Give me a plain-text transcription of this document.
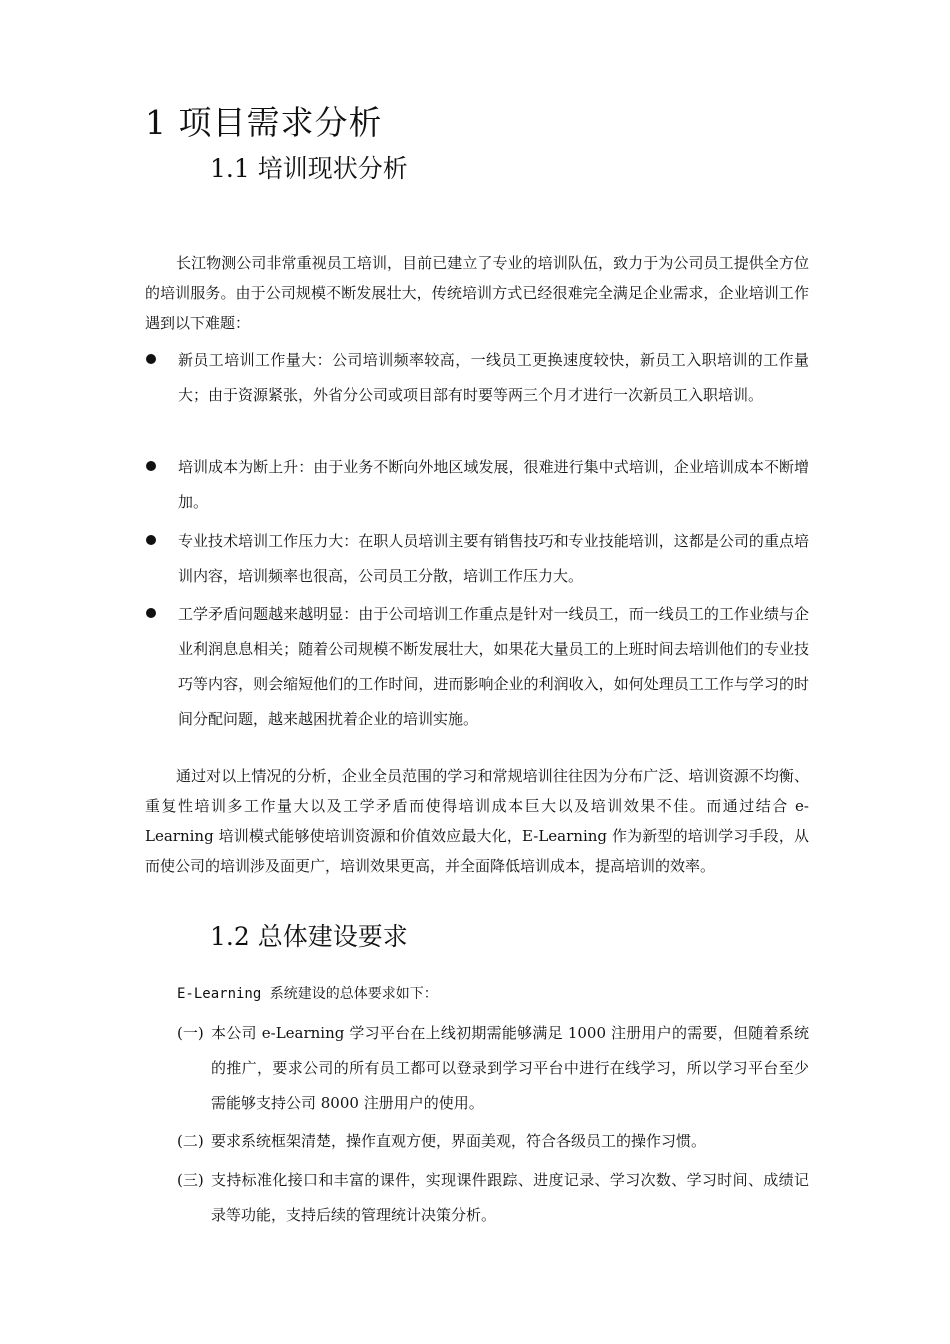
1 项目需求分析
1.1 培训现状分析

长江物测公司非常重视员工培训，目前已建立了专业的培训队伍，致力于为公司员工提供全方位的培训服务。由于公司规模不断发展壮大，传统培训方式已经很难完全满足企业需求，企业培训工作遇到以下难题：

新员工培训工作量大：公司培训频率较高，一线员工更换速度较快，新员工入职培训的工作量大；由于资源紧张，外省分公司或项目部有时要等两三个月才进行一次新员工入职培训。

培训成本为断上升：由于业务不断向外地区域发展，很难进行集中式培训，企业培训成本不断增加。

专业技术培训工作压力大：在职人员培训主要有销售技巧和专业技能培训，这都是公司的重点培训内容，培训频率也很高，公司员工分散，培训工作压力大。

工学矛盾问题越来越明显：由于公司培训工作重点是针对一线员工，而一线员工的工作业绩与企业利润息息相关；随着公司规模不断发展壮大，如果花大量员工的上班时间去培训他们的专业技巧等内容，则会缩短他们的工作时间，进而影响企业的利润收入，如何处理员工工作与学习的时间分配问题，越来越困扰着企业的培训实施。

通过对以上情况的分析，企业全员范围的学习和常规培训往往因为分布广泛、培训资源不均衡、重复性培训多工作量大以及工学矛盾而使得培训成本巨大以及培训效果不佳。而通过结合 e-Learning 培训模式能够使培训资源和价值效应最大化，E-Learning 作为新型的培训学习手段，从而使公司的培训涉及面更广，培训效果更高，并全面降低培训成本，提高培训的效率。

1.2 总体建设要求
E-Learning 系统建设的总体要求如下：
(一) 本公司 e-Learning 学习平台在上线初期需能够满足 1000 注册用户的需要，但随着系统的推广，要求公司的所有员工都可以登录到学习平台中进行在线学习，所以学习平台至少需能够支持公司 8000 注册用户的使用。

(二) 要求系统框架清楚，操作直观方便，界面美观，符合各级员工的操作习惯。

(三) 支持标准化接口和丰富的课件，实现课件跟踪、进度记录、学习次数、学习时间、成绩记录等功能，支持后续的管理统计决策分析。
